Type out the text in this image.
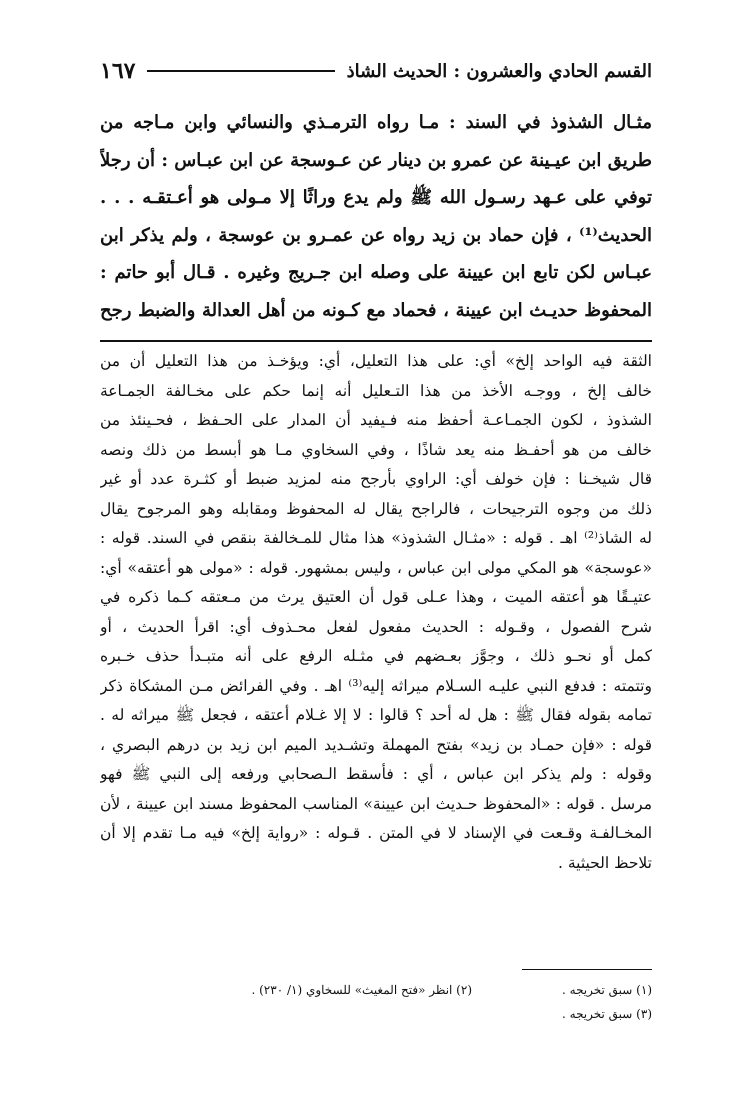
القسم الحادي والعشرون : الحديث الشاذ
١٦٧
مثـال الشذوذ في السند : مـا رواه الترمـذي والنسائي وابن مـاجه من
طريق ابن عيـينة عن عمرو بن دينار عن عـوسجة عن ابن عبـاس : أن رجلاً
توفي على عـهد رسـول الله ﷺ ولم يدع وراثًا إلا مـولى هو أعـتقـه . . .
الحديث⁽¹⁾ ، فإن حماد بن زيد رواه عن عمـرو بن عوسجة ، ولم يذكر ابن
عبـاس لكن تابع ابن عيينة على وصله ابن جـريج وغيره . قـال أبو حاتم :
المحفوظ حديـث ابن عيينة ، فحماد مع كـونه من أهل العدالة والضبط رجح
الثقة فيه الواحد إلخ» أي: على هذا التعليل، أي: ويؤخـذ من هذا التعليل أن من
خالف إلخ ، ووجـه الأخذ من هذا التـعليل أنه إنما حكم على مخـالفة الجمـاعة
الشذوذ ، لكون الجمـاعـة أحفظ منه فـيفيد أن المدار على الحـفظ ، فحـينئذ من
خالف من هو أحفـظ منه يعد شاذًا ، وفي السخاوي مـا هو أبسط من ذلك ونصه
قال شيخـنا : فإن خولف أي: الراوي بأرجح منه لمزيد ضبط أو كثـرة عدد أو غير
ذلك من وجوه الترجيحات ، فالراجح يقال له المحفوظ ومقابله وهو المرجوح يقال
له الشاذ⁽²⁾ اهـ . قوله : «مثـال الشذوذ» هذا مثال للمـخالفة بنقص في السند. قوله :
«عوسجة» هو المكي مولى ابن عباس ، وليس بمشهور. قوله : «مولى هو أعتقه» أي:
عتيـقًا هو أعتقه الميت ، وهذا عـلى قول أن العتيق يرث من مـعتقه كـما ذكره في
شرح الفصول ، وقـوله : الحديث مفعول لفعل محـذوف أي: اقرأ الحديث ، أو
كمل أو نحـو ذلك ، وجوَّز بعـضهم في مثـله الرفع على أنه متبـدأ حذف خـبره
وتتمته : فدفع النبي عليـه السـلام ميراثه إليه⁽³⁾ اهـ . وفي الفرائض مـن المشكاة ذكر
تمامه بقوله فقال ﷺ : هل له أحد ؟ قالوا : لا إلا غـلام أعتقه ، فجعل ﷺ ميراثه له .
قوله : «فإن حمـاد بن زيد» بفتح المهملة وتشـديد الميم ابن زيد بن درهم البصري ،
وقوله : ولم يذكر ابن عباس ، أي : فأسقط الـصحابي ورفعه إلى النبي ﷺ فهو
مرسل . قوله : «المحفوظ حـديث ابن عيينة» المناسب المحفوظ مسند ابن عيينة ، لأن
المخـالفـة وقـعت في الإسناد لا في المتن . قـوله : «رواية إلخ» فيه مـا تقدم إلا أن
تلاحظ الحيثية .
(١) سبق تخريجه .
(٢) انظر «فتح المغيث» للسخاوي (١/ ٢٣٠) .
(٣) سبق تخريجه .
